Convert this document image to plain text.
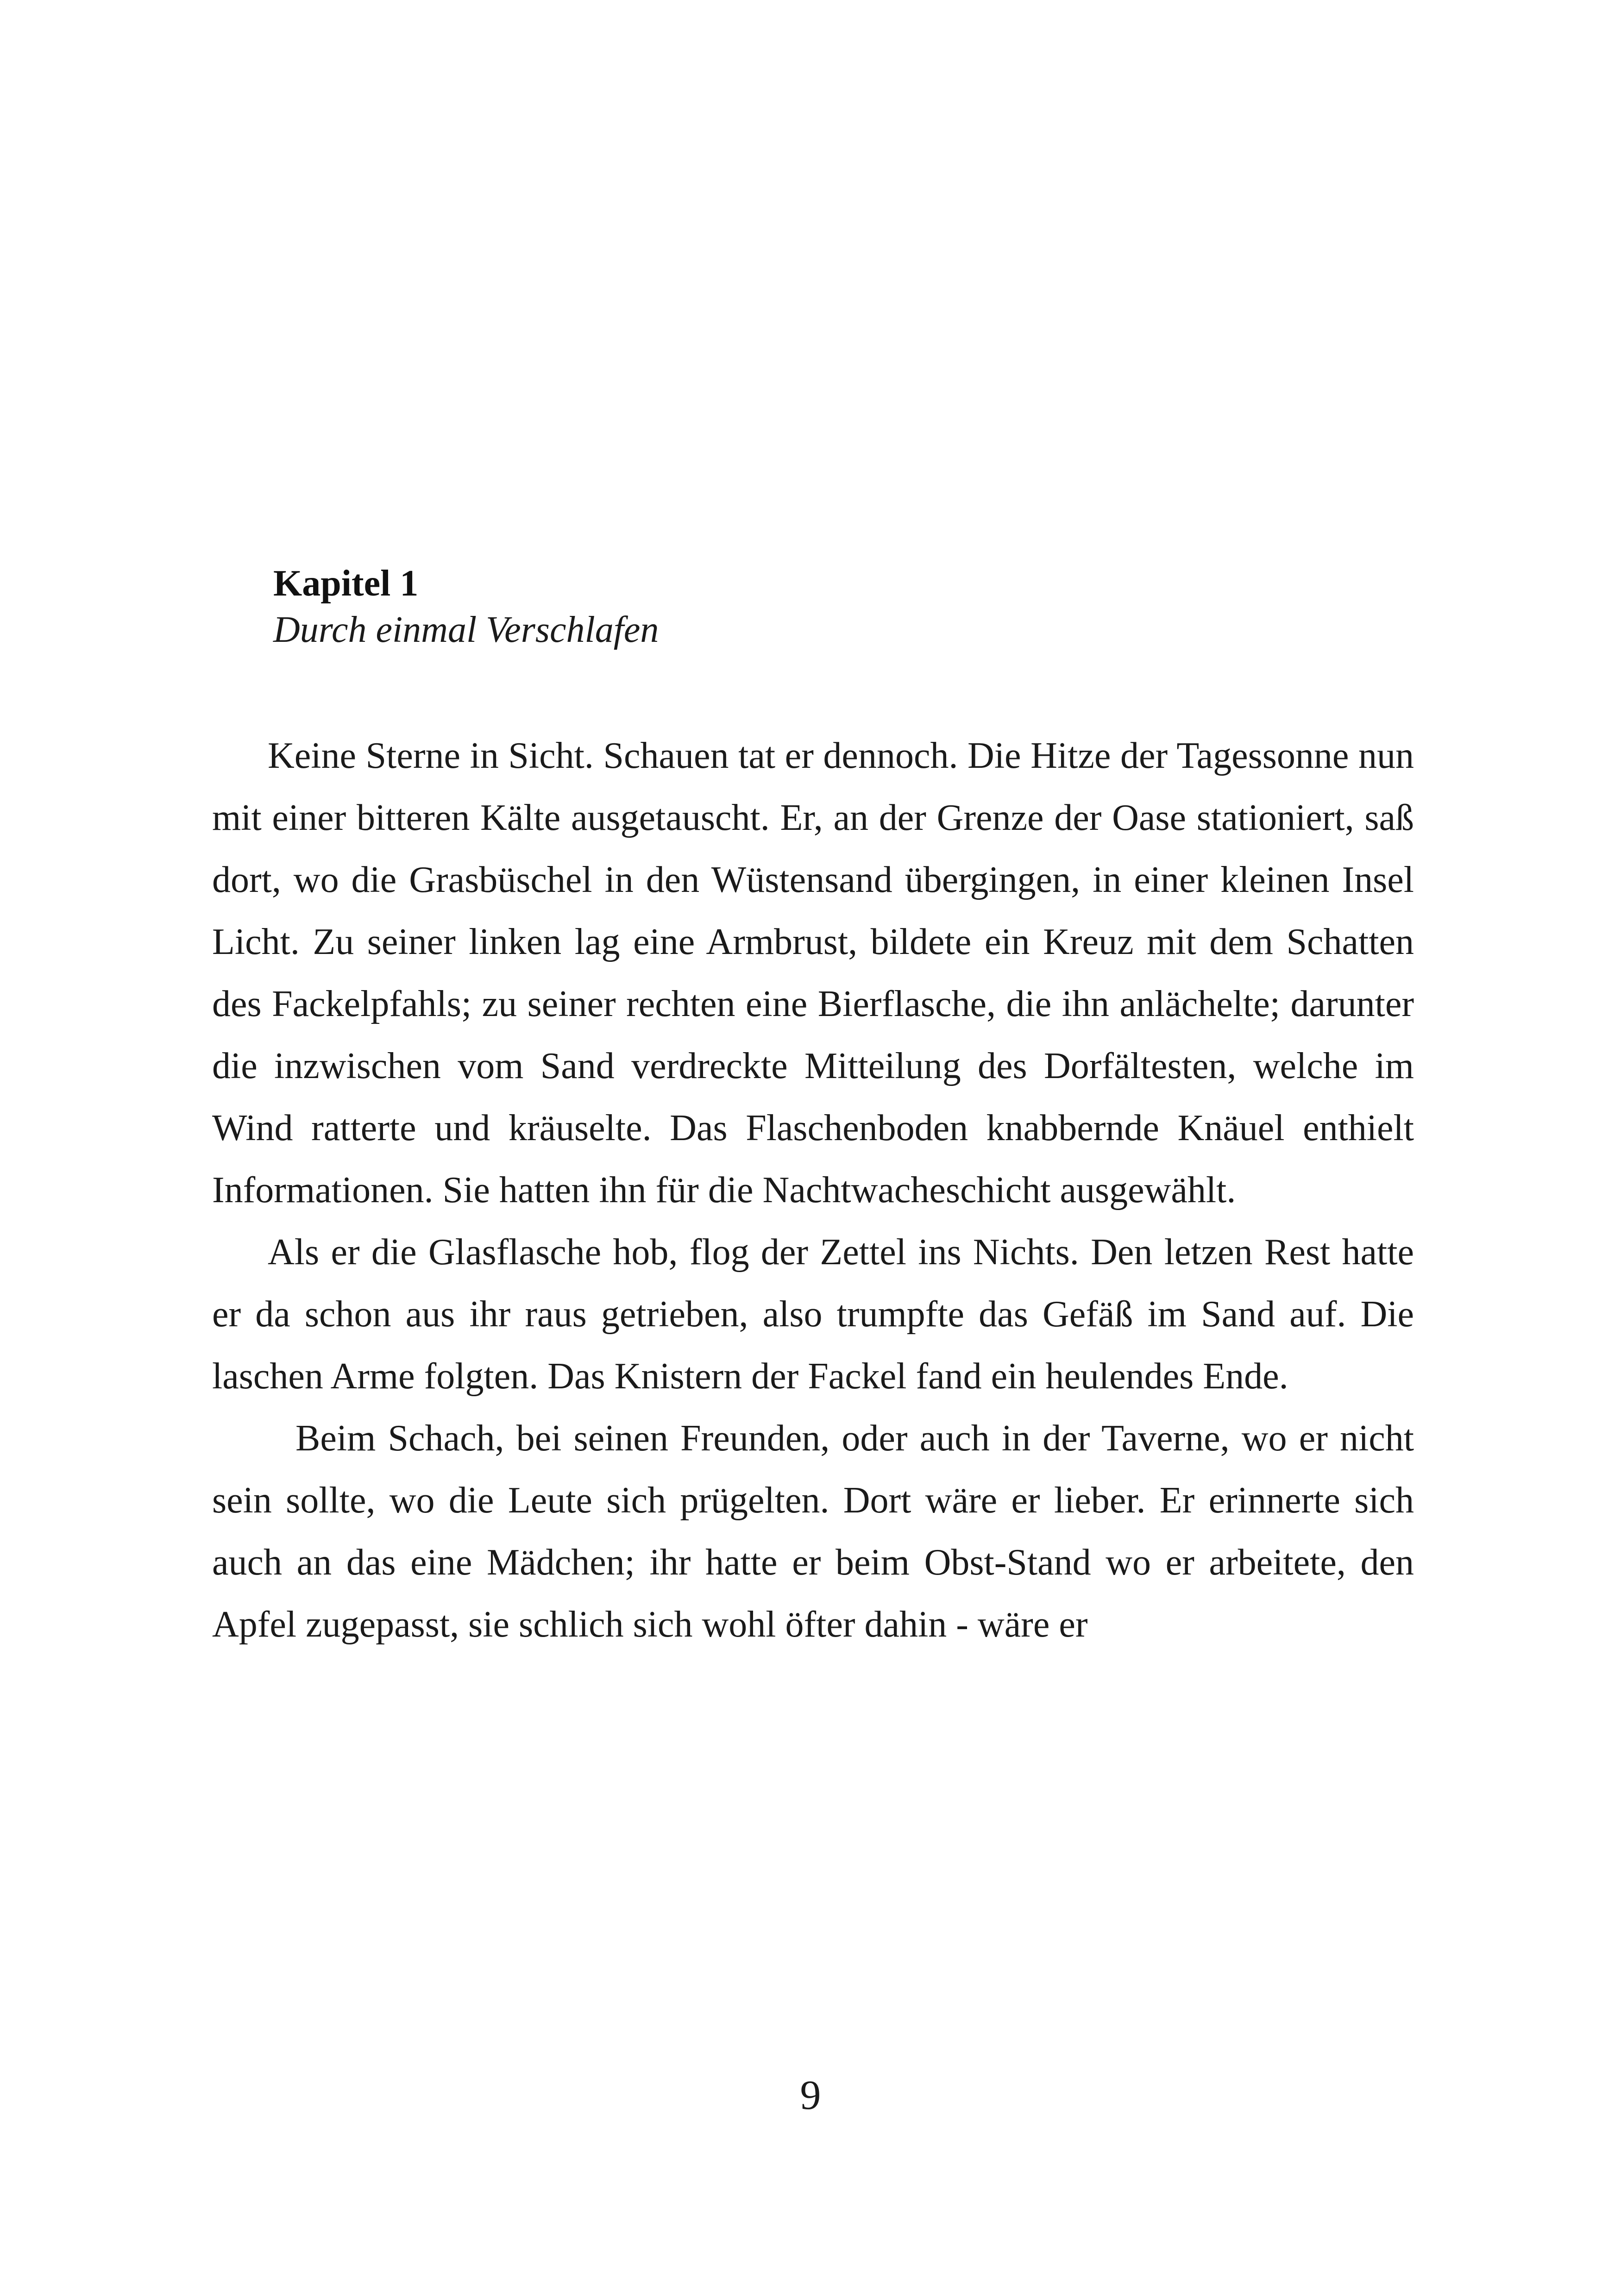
Kapitel 1
Durch einmal Verschlafen

Keine Sterne in Sicht. Schauen tat er dennoch. Die Hitze der Tagessonne nun mit einer bitteren Kälte ausgetauscht. Er, an der Grenze der Oase stationiert, saß dort, wo die Grasbüschel in den Wüstensand übergingen, in einer kleinen Insel Licht. Zu seiner linken lag eine Armbrust, bildete ein Kreuz mit dem Schatten des Fackelpfahls; zu seiner rechten eine Bierflasche, die ihn anlächelte; darunter die inzwischen vom Sand verdreckte Mitteilung des Dorfältesten, welche im Wind ratterte und kräuselte. Das Flaschenboden knabbernde Knäuel enthielt Informationen. Sie hatten ihn für die Nachtwacheschicht ausgewählt.

Als er die Glasflasche hob, flog der Zettel ins Nichts. Den letzen Rest hatte er da schon aus ihr raus getrieben, also trumpfte das Gefäß im Sand auf. Die laschen Arme folgten. Das Knistern der Fackel fand ein heulendes Ende.

Beim Schach, bei seinen Freunden, oder auch in der Taverne, wo er nicht sein sollte, wo die Leute sich prügelten. Dort wäre er lieber. Er erinnerte sich auch an das eine Mädchen; ihr hatte er beim Obst-Stand wo er arbeitete, den Apfel zugepasst, sie schlich sich wohl öfter dahin - wäre er

9
